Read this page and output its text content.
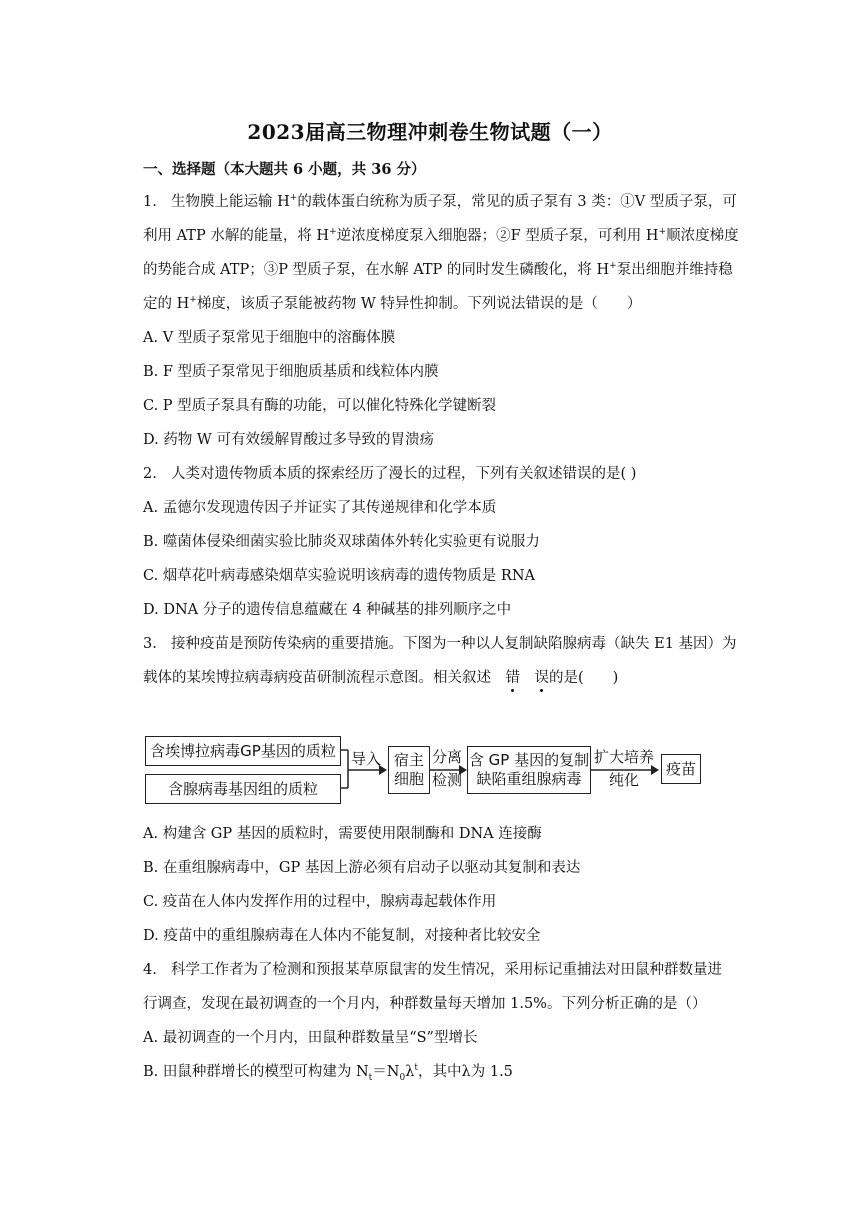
2023届高三物理冲刺卷生物试题（一）
一、选择题（本大题共 6 小题，共 36 分）
1. 生物膜上能运输 H+的载体蛋白统称为质子泵，常见的质子泵有 3 类：①V 型质子泵，可
利用 ATP 水解的能量，将 H+逆浓度梯度泵入细胞器；②F 型质子泵，可利用 H+顺浓度梯度
的势能合成 ATP；③P 型质子泵，在水解 ATP 的同时发生磷酸化，将 H+泵出细胞并维持稳
定的 H+梯度，该质子泵能被药物 W 特异性抑制。下列说法错误的是（　　）
A. V 型质子泵常见于细胞中的溶酶体膜
B. F 型质子泵常见于细胞质基质和线粒体内膜
C. P 型质子泵具有酶的功能，可以催化特殊化学键断裂
D. 药物 W 可有效缓解胃酸过多导致的胃溃疡
2. 人类对遗传物质本质的探索经历了漫长的过程，下列有关叙述错误的是( )
A. 孟德尔发现遗传因子并证实了其传递规律和化学本质
B. 噬菌体侵染细菌实验比肺炎双球菌体外转化实验更有说服力
C. 烟草花叶病毒感染烟草实验说明该病毒的遗传物质是 RNA
D. DNA 分子的遗传信息蕴藏在 4 种碱基的排列顺序之中
3. 接种疫苗是预防传染病的重要措施。下图为一种以人复制缺陷腺病毒（缺失 E1 基因）为
载体的某埃博拉病毒病疫苗研制流程示意图。相关叙述　 错　 误的是(　　)
含埃博拉病毒GP基因的质粒
含腺病毒基因组的质粒
导入 宿主
细胞
分离
检测
含 GP 基因的复制
缺陷重组腺病毒
扩大培养
纯化
疫苗
A. 构建含 GP 基因的质粒时，需要使用限制酶和 DNA 连接酶
B. 在重组腺病毒中，GP 基因上游必须有启动子以驱动其复制和表达
C. 疫苗在人体内发挥作用的过程中，腺病毒起载体作用
D. 疫苗中的重组腺病毒在人体内不能复制，对接种者比较安全
4. 科学工作者为了检测和预报某草原鼠害的发生情况，采用标记重捕法对田鼠种群数量进
行调查，发现在最初调查的一个月内，种群数量每天增加 1.5%。下列分析正确的是（）
A. 最初调查的一个月内，田鼠种群数量呈“S”型增长
B. 田鼠种群增长的模型可构建为 $N_t=N_0\lambda^t$，其中λ为 1.5
